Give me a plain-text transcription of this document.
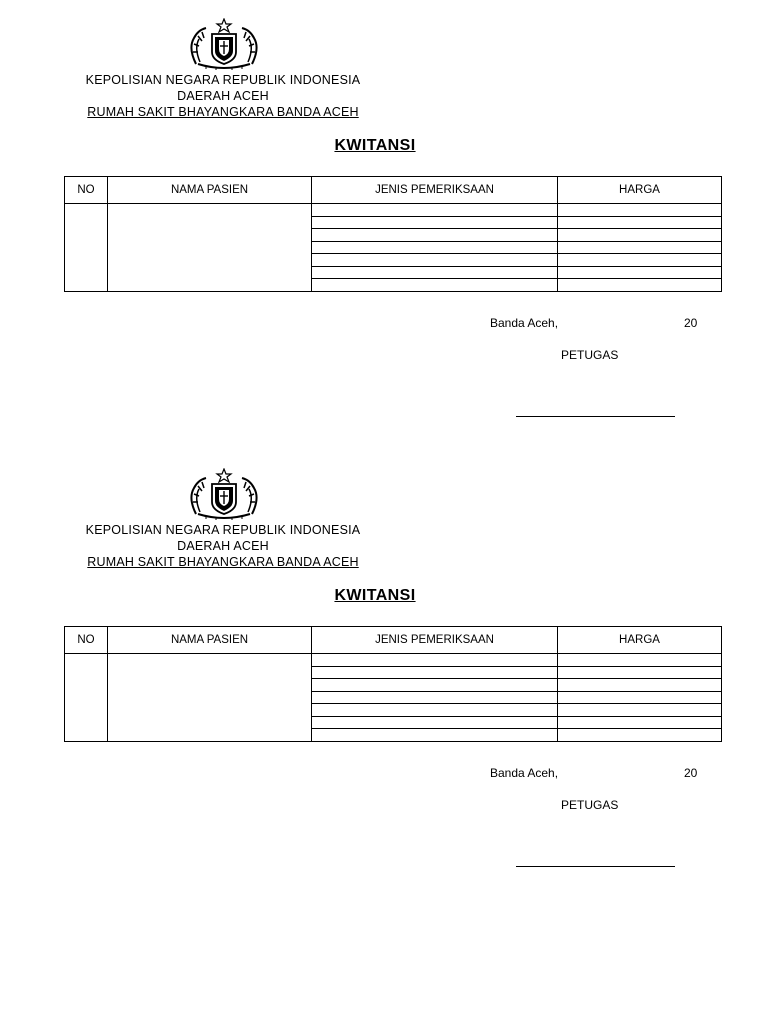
KEPOLISIAN NEGARA REPUBLIK INDONESIA
DAERAH ACEH
RUMAH SAKIT BHAYANGKARA BANDA ACEH
KWITANSI
NO	NAMA PASIEN	JENIS PEMERIKSAAN	HARGA

Banda Aceh,	20
PETUGAS
KEPOLISIAN NEGARA REPUBLIK INDONESIA
DAERAH ACEH
RUMAH SAKIT BHAYANGKARA BANDA ACEH
KWITANSI
NO	NAMA PASIEN	JENIS PEMERIKSAAN	HARGA

Banda Aceh,	20
PETUGAS
